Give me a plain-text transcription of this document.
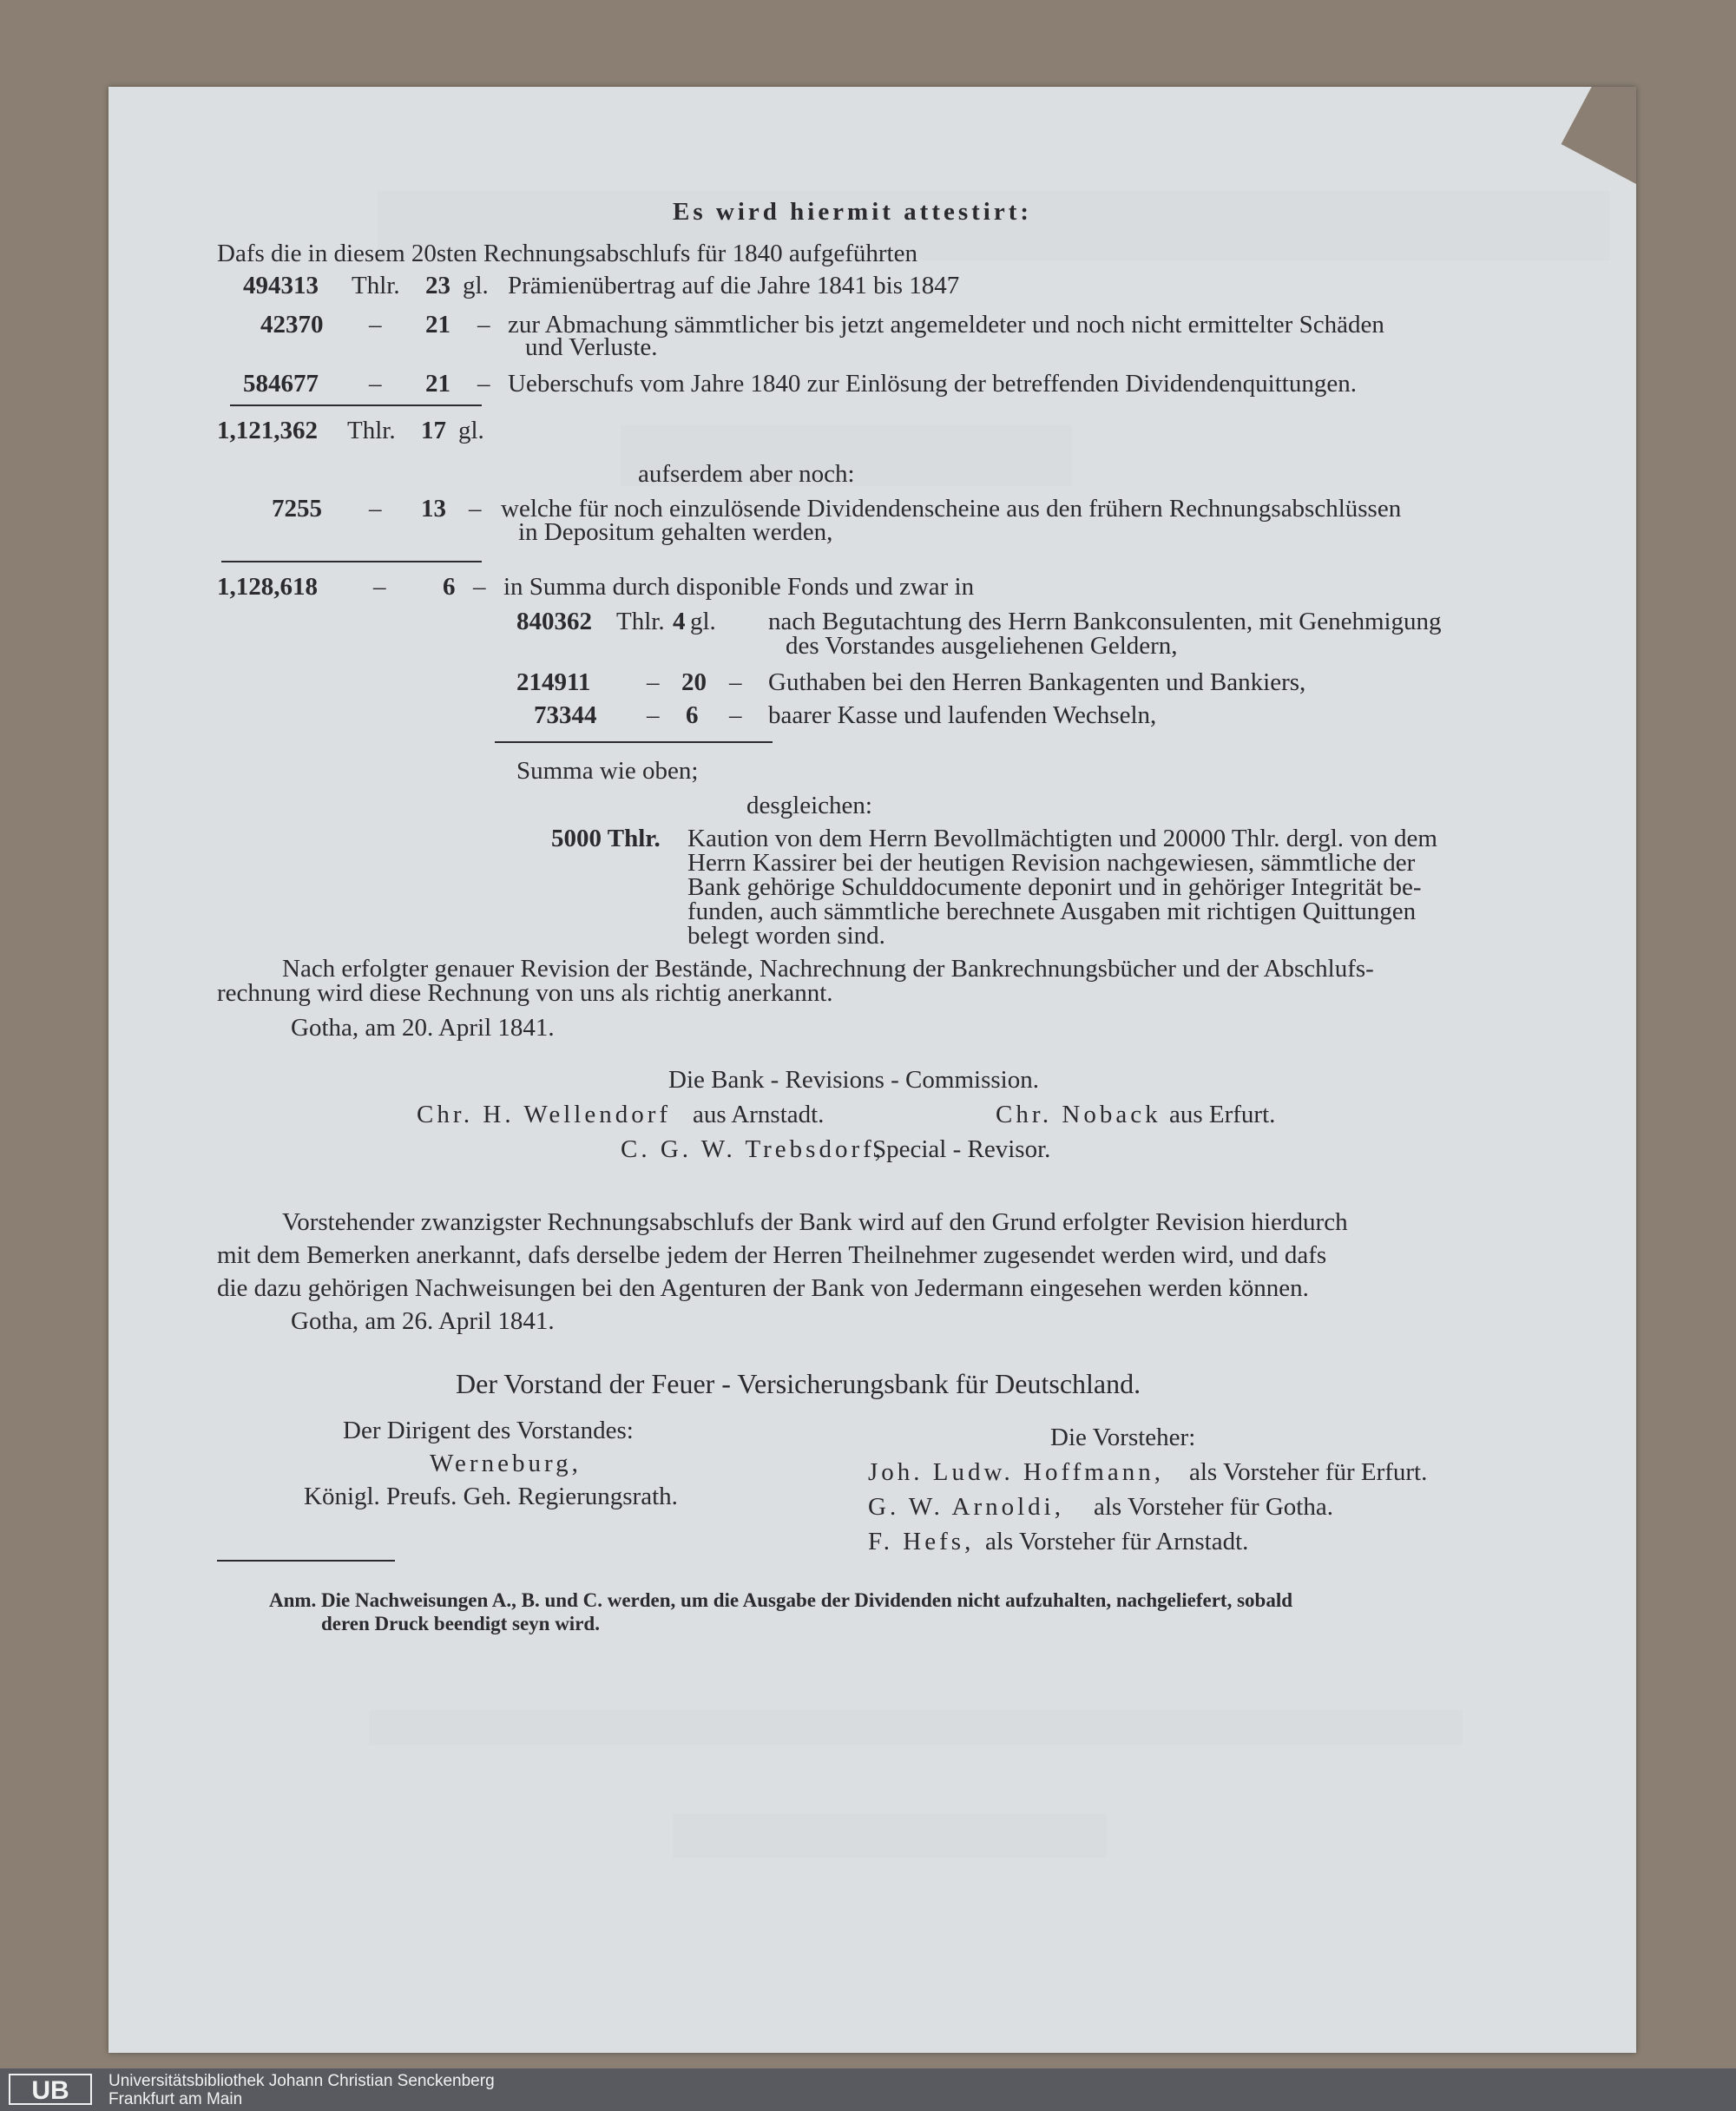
Es wird hiermit attestirt:
Dafs die in diesem 20sten Rechnungsabschlufs für 1840 aufgeführten
494313 Thlr. 23 gl. Prämienübertrag auf die Jahre 1841 bis 1847
42370 – 21 – zur Abmachung sämmtlicher bis jetzt angemeldeter und noch nicht ermittelter Schäden
und Verluste.
584677 – 21 – Ueberschufs vom Jahre 1840 zur Einlösung der betreffenden Dividendenquittungen.
1,121,362 Thlr. 17 gl.
aufserdem aber noch:
7255 – 13 – welche für noch einzulösende Dividendenscheine aus den frühern Rechnungsabschlüssen
in Depositum gehalten werden,
1,128,618 – 6 – in Summa durch disponible Fonds und zwar in
840362 Thlr. 4 gl. nach Begutachtung des Herrn Bankconsulenten, mit Genehmigung
des Vorstandes ausgeliehenen Geldern,
214911 – 20 – Guthaben bei den Herren Bankagenten und Bankiers,
73344 – 6 – baarer Kasse und laufenden Wechseln,
Summa wie oben;
desgleichen:
5000 Thlr. Kaution von dem Herrn Bevollmächtigten und 20000 Thlr. dergl. von dem
Herrn Kassirer bei der heutigen Revision nachgewiesen, sämmtliche der
Bank gehörige Schulddocumente deponirt und in gehöriger Integrität be-
funden, auch sämmtliche berechnete Ausgaben mit richtigen Quittungen
belegt worden sind.
Nach erfolgter genauer Revision der Bestände, Nachrechnung der Bankrechnungsbücher und der Abschlufs-
rechnung wird diese Rechnung von uns als richtig anerkannt.
Gotha, am 20. April 1841.
Die Bank - Revisions - Commission.
Chr. H. Wellendorf aus Arnstadt.	Chr. Noback aus Erfurt.
C. G. W. Trebsdorf,
Special - Revisor.
Vorstehender zwanzigster Rechnungsabschlufs der Bank wird auf den Grund erfolgter Revision hierdurch
mit dem Bemerken anerkannt, dafs derselbe jedem der Herren Theilnehmer zugesendet werden wird, und dafs
die dazu gehörigen Nachweisungen bei den Agenturen der Bank von Jedermann eingesehen werden können.
Gotha, am 26. April 1841.
Der Vorstand der Feuer - Versicherungsbank für Deutschland.
Der Dirigent des Vorstandes:
Werneburg,
Königl. Preufs. Geh. Regierungsrath.
Die Vorsteher:
Joh. Ludw. Hoffmann, als Vorsteher für Erfurt.
G. W. Arnoldi, als Vorsteher für Gotha.
F. Hefs, als Vorsteher für Arnstadt.
Anm. Die Nachweisungen A., B. und C. werden, um die Ausgabe der Dividenden nicht aufzuhalten, nachgeliefert, sobald
deren Druck beendigt seyn wird.
UB	Universitätsbibliothek Johann Christian Senckenberg
Frankfurt am Main
